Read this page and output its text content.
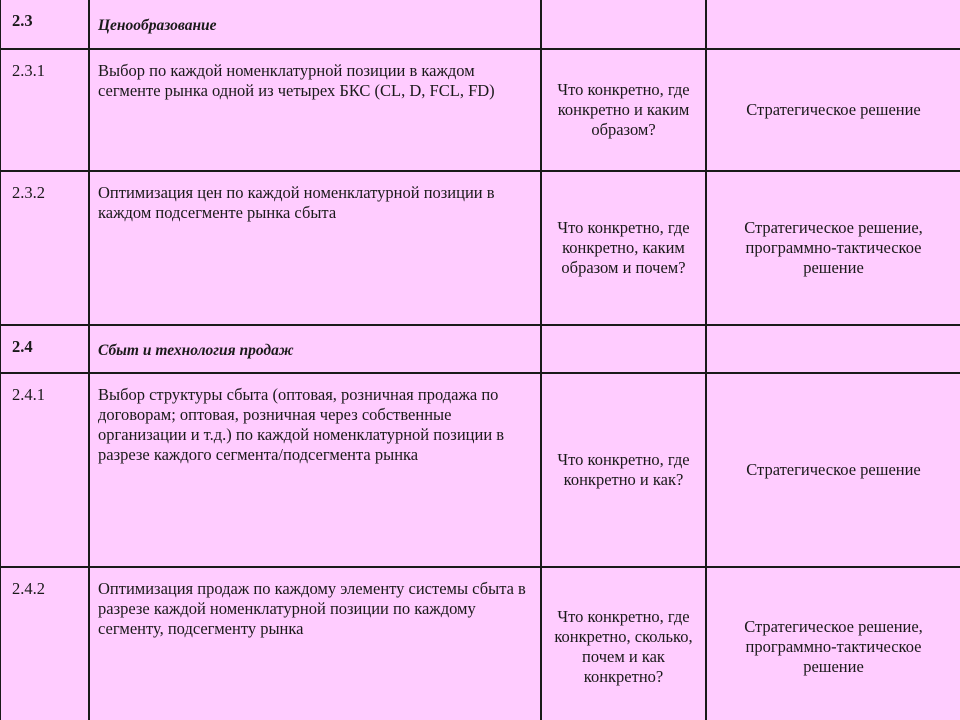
2.3	Ценообразование		
2.3.1	Выбор по каждой номенклатурной позиции в каждом сегменте рынка одной из четырех БКС (CL, D, FCL, FD)	Что конкретно, где конкретно и каким образом?	Стратегическое решение
2.3.2	Оптимизация цен по каждой номенклатурной позиции в каждом подсегменте рынка сбыта	Что конкретно, где конкретно, каким образом и почем?	Стратегическое решение, программно-тактическое решение
2.4	Сбыт и технология продаж		
2.4.1	Выбор структуры сбыта (оптовая, розничная продажа по договорам; оптовая, розничная через собственные организации и т.д.) по каждой номенклатурной позиции в разрезе каждого сегмента/подсегмента рынка	Что конкретно, где конкретно и как?	Стратегическое решение
2.4.2	Оптимизация продаж по каждому элементу системы сбыта в разрезе каждой номенклатурной позиции по каждому сегменту, подсегменту рынка	Что конкретно, где конкретно, сколько, почем и как конкретно?	Стратегическое решение, программно-тактическое решение
